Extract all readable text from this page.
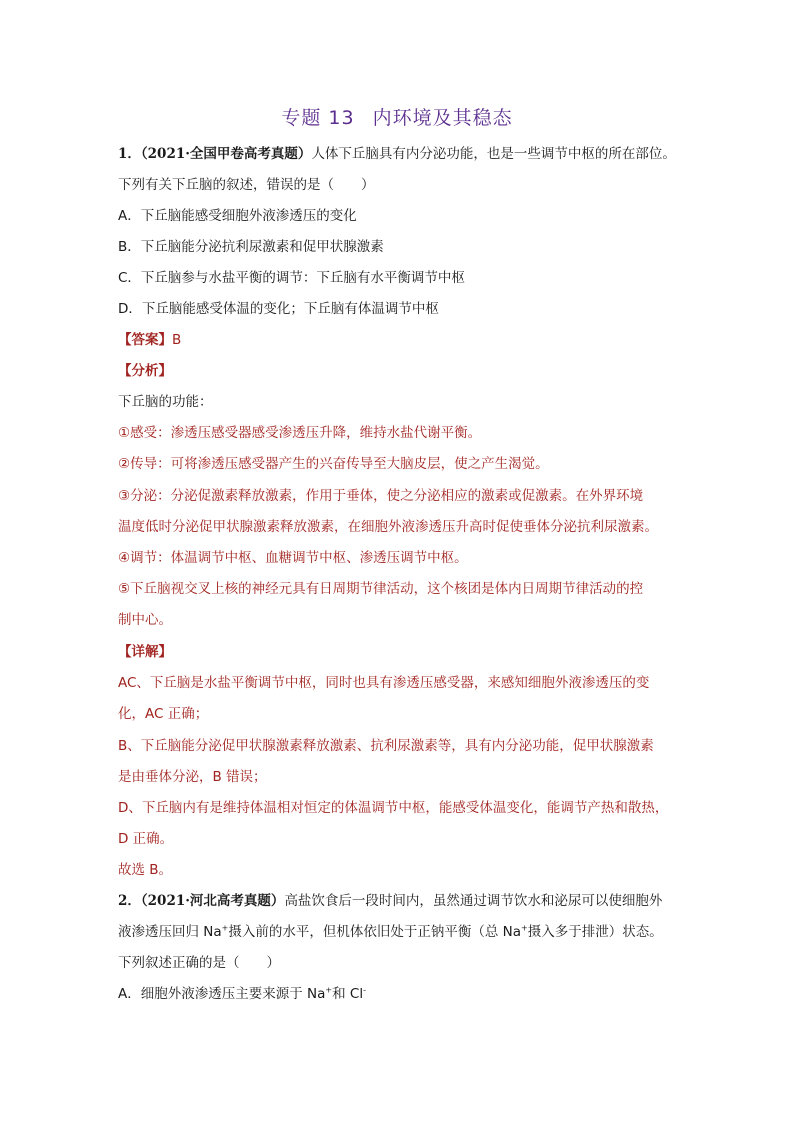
专题 13 内环境及其稳态
1．（2021·全国甲卷高考真题）人体下丘脑具有内分泌功能，也是一些调节中枢的所在部位。
下列有关下丘脑的叙述，错误的是（　　）
A．下丘脑能感受细胞外液渗透压的变化
B．下丘脑能分泌抗利尿激素和促甲状腺激素
C．下丘脑参与水盐平衡的调节：下丘脑有水平衡调节中枢
D．下丘脑能感受体温的变化；下丘脑有体温调节中枢
【答案】B
【分析】
下丘脑的功能：
①感受：渗透压感受器感受渗透压升降，维持水盐代谢平衡。
②传导：可将渗透压感受器产生的兴奋传导至大脑皮层，使之产生渴觉。
③分泌：分泌促激素释放激素，作用于垂体，使之分泌相应的激素或促激素。在外界环境
温度低时分泌促甲状腺激素释放激素，在细胞外液渗透压升高时促使垂体分泌抗利尿激素。
④调节：体温调节中枢、血糖调节中枢、渗透压调节中枢。
⑤下丘脑视交叉上核的神经元具有日周期节律活动，这个核团是体内日周期节律活动的控
制中心。
【详解】
AC、下丘脑是水盐平衡调节中枢，同时也具有渗透压感受器，来感知细胞外液渗透压的变
化，AC 正确；
B、下丘脑能分泌促甲状腺激素释放激素、抗利尿激素等，具有内分泌功能，促甲状腺激素
是由垂体分泌，B 错误；
D、下丘脑内有是维持体温相对恒定的体温调节中枢，能感受体温变化，能调节产热和散热，
D 正确。
故选 B。
2．（2021·河北高考真题）高盐饮食后一段时间内，虽然通过调节饮水和泌尿可以使细胞外
液渗透压回归 Na+摄入前的水平，但机体依旧处于正钠平衡（总 Na+摄入多于排泄）状态。
下列叙述正确的是（　　）
A．细胞外液渗透压主要来源于 Na+和 Cl-
